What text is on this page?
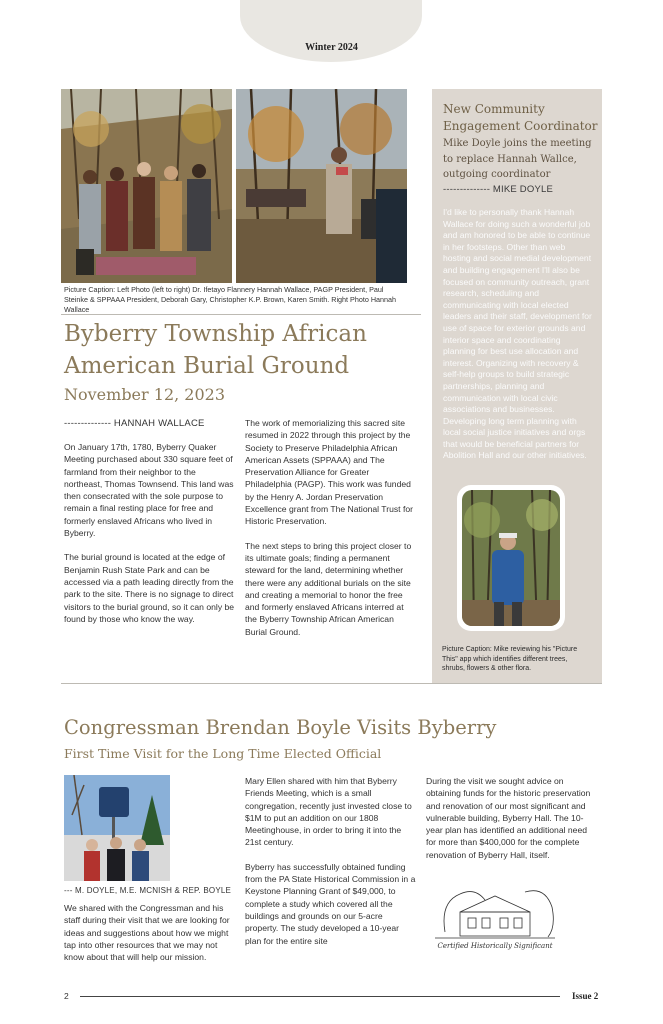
Winter 2024
Picture Caption: Left Photo (left to right) Dr. Ifetayo Flannery Hannah Wallace, PAGP President, Paul Steinke & SPPAAA President, Deborah Gary, Christopher K.P. Brown, Karen Smith. Right Photo Hannah Wallace
Byberry Township African American Burial Ground
November 12, 2023
-------------- HANNAH WALLACE

On January 17th, 1780, Byberry Quaker Meeting purchased about 330 square feet of farmland from their neighbor to the northeast, Thomas Townsend. This land was then consecrated with the sole purpose to remain a final resting place for free and formerly enslaved Africans who lived in Byberry.

The burial ground is located at the edge of Benjamin Rush State Park and can be accessed via a path leading directly from the park to the site. There is no signage to direct visitors to the burial ground, so it can only be found by those who know the way.

The work of memorializing this sacred site resumed in 2022 through this project by the Society to Preserve Philadelphia African American Assets (SPPAAA) and The Preservation Alliance for Greater Philadelphia (PAGP). This work was funded by the Henry A. Jordan Preservation Excellence grant from The National Trust for Historic Preservation.

The next steps to bring this project closer to its ultimate goals; finding a permanent steward for the land, determining whether there were any additional burials on the site and creating a memorial to honor the free and formerly enslaved Africans interred at the Byberry Township African American Burial Ground.

New Community Engagement Coordinator
Mike Doyle joins the meeting to replace Hannah Wallce, outgoing coordinator
-------------- MIKE DOYLE
I'd like to personally thank Hannah Wallace for doing such a wonderful job and am honored to be able to continue in her footsteps. Other than web hosting and social medial development and building engagement I'll also be focused on community outreach, grant research, scheduling and communicating with local elected leaders and their staff, development for use of space for exterior grounds and interior space and coordinating planning for best use allocation and interest. Organizing with recovery & self-help groups to build strategic partnerships, planning and communication with local civic associations and businesses. Developing long term planning with local social justice initiatives and orgs that would be beneficial partners for Abolition Hall and our other initiatives.
Picture Caption: Mike reviewing his "Picture This" app which identifies different trees, shrubs, flowers & other flora.
Congressman Brendan Boyle Visits Byberry
First Time Visit for the Long Time Elected Official
--- M. DOYLE, M.E. MCNISH & REP. BOYLE

We shared with the Congressman and his staff during their visit that we are looking for ideas and suggestions about how we might tap into other resources that we may not know about that will help our mission.

Mary Ellen shared with him that Byberry Friends Meeting, which is a small congregation, recently just invested close to $1M to put an addition on our 1808 Meetinghouse, in order to bring it into the 21st century.

Byberry has successfully obtained funding from the PA State Historical Commission in a Keystone Planning Grant of $49,000, to complete a study which covered all the buildings and grounds on our 5-acre property. The study developed a 10-year plan for the entire site

During the visit we sought advice on obtaining funds for the historic preservation and renovation of our most significant and vulnerable building, Byberry Hall. The 10-year plan has identified an additional need for more than $400,000 for the complete renovation of Byberry Hall, itself.

Certified Historically Significant
2	Issue 2
